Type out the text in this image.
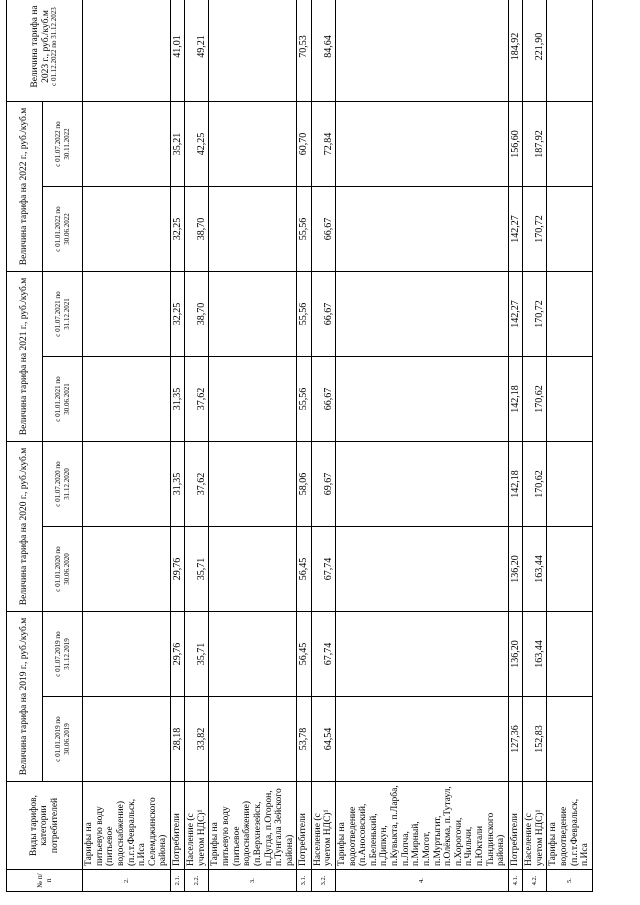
№ п/п	Виды тарифов, категории потребителей	Величина тарифа на 2019 г., руб./куб.м		Величина тарифа на 2020 г., руб./куб.м		Величина тарифа на 2021 г., руб./куб.м		Величина тарифа на 2022 г., руб./куб.м		Величина тарифа на 2023 г., руб./куб.м с 01.12.2022 по 31.12.2023

		с 01.01.2019 по 30.06.2019	с 01.07.2019 по 31.12.2019	с 01.01.2020 по 30.06.2020	с 01.07.2020 по 31.12.2020	с 01.01.2021 по 30.06.2021	с 01.07.2021 по 31.12.2021	с 01.01.2022 по 30.06.2022	с 01.07.2022 по 30.11.2022	
2.	Тарифы на питьевую воду (питьевое водоснабжение) (п.г.т.Февральск, п.Иса Селемджинского района)									
2.1.	Потребители	28,18	29,76	29,76	31,35	31,35	32,25	32,25	35,21	41,01
2.2.	Население (с учетом НДС)¹	33,82	35,71	35,71	37,62	37,62	38,70	38,70	42,25	49,21
3.	Тарифы на питьевую воду (питьевое водоснабжение) (п.Верхнезейск, п.Дугда, п.Огорон, п.Тунгала Зейского района)									
3.1.	Потребители	53,78	56,45	56,45	58,06	55,56	55,56	55,56	60,70	70,53
3.2.	Население (с учетом НДС)¹	64,54	67,74	67,74	69,67	66,67	66,67	66,67	72,84	84,64
4.	Тарифы на водоотведение (п.Аносовский, п.Беленький, п.Дипкун, п.Кувыкта, п.Ларба, п.Лопча, п.Мирный, п.Могот, п.Муртыгит, п.Олёкма, п.Тутаул, п.Хорогочи, п.Чильчи, п.Юктали Тындинского района)									
4.1.	Потребители	127,36	136,20	136,20	142,18	142,18	142,27	142,27	156,60	184,92
4.2.	Население (с учетом НДС)¹	152,83	163,44	163,44	170,62	170,62	170,72	170,72	187,92	221,90
5.	Тарифы на водоотведение (п.г.т.Февральск, п.Иса									
